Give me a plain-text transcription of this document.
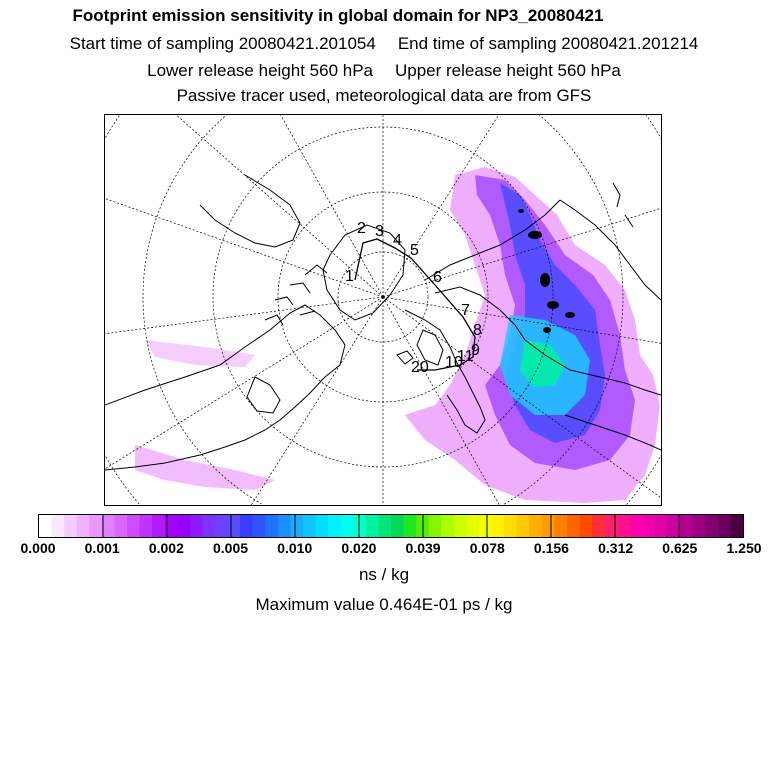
Footprint emission sensitivity in global domain for NP3_20080421
Start time of sampling 20080421.201054 End time of sampling 20080421.201214
Lower release height 560 hPa Upper release height 560 hPa
Passive tracer used, meteorological data are from GFS
1
2 3
4
5
6
7
8
9
10
11
20
0.000 0.001 0.002 0.005 0.010 0.020 0.039 0.078 0.156 0.312 0.625 1.250
ns / kg
Maximum value 0.464E-01 ps / kg
